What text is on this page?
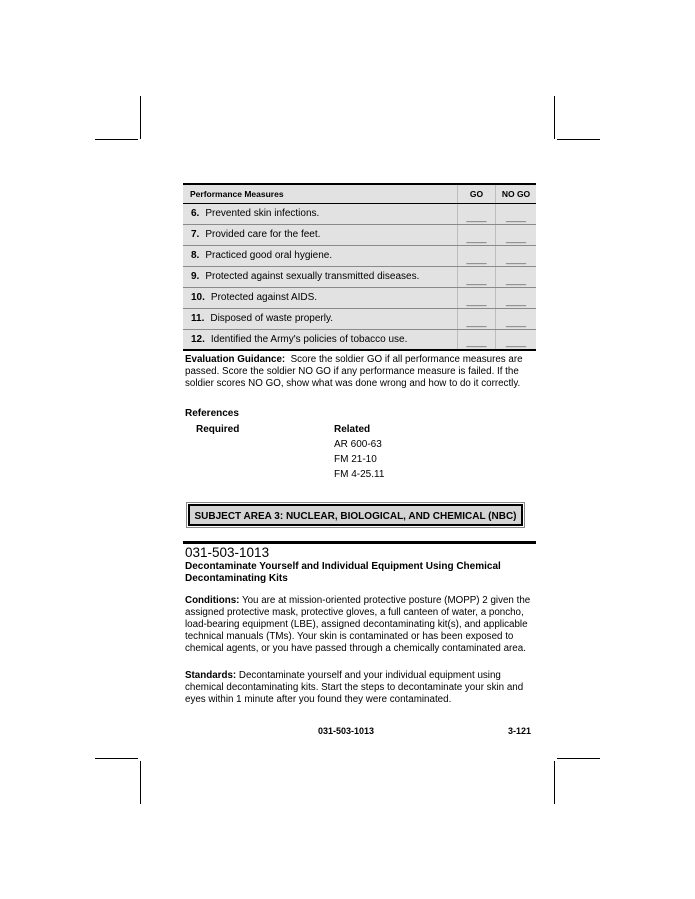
Performance Measures	GO	NO GO
6. Prevented skin infections.	____	____
7. Provided care for the feet.	____	____
8. Practiced good oral hygiene.	____	____
9. Protected against sexually transmitted diseases.	____	____
10. Protected against AIDS.	____	____
11. Disposed of waste properly.	____	____
12. Identified the Army's policies of tobacco use.	____	____
Evaluation Guidance: Score the soldier GO if all performance measures are passed. Score the soldier NO GO if any performance measure is failed. If the soldier scores NO GO, show what was done wrong and how to do it correctly.
References
Required	Related
AR 600-63
FM 21-10
FM 4-25.11
SUBJECT AREA 3: NUCLEAR, BIOLOGICAL, AND CHEMICAL (NBC)
031-503-1013
Decontaminate Yourself and Individual Equipment Using Chemical Decontaminating Kits
Conditions: You are at mission-oriented protective posture (MOPP) 2 given the assigned protective mask, protective gloves, a full canteen of water, a poncho, load-bearing equipment (LBE), assigned decontaminating kit(s), and applicable technical manuals (TMs). Your skin is contaminated or has been exposed to chemical agents, or you have passed through a chemically contaminated area.
Standards: Decontaminate yourself and your individual equipment using chemical decontaminating kits. Start the steps to decontaminate your skin and eyes within 1 minute after you found they were contaminated.
031-503-1013	3-121
